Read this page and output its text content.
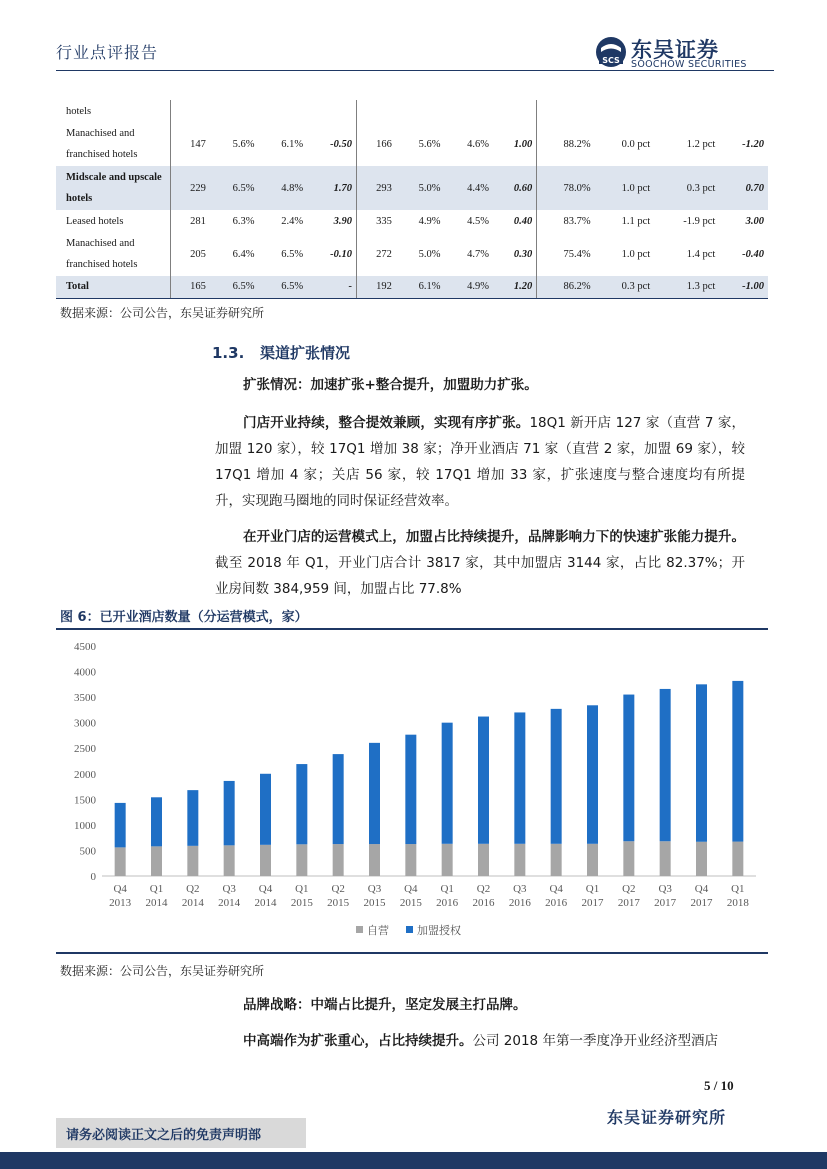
行业点评报告	SCS 东吴证券
SOOCHOW SECURITIES
hotels												
Manachised and franchised hotels	147	5.6%	6.1%	-0.50	166	5.6%	4.6%	1.00	88.2%	0.0 pct	1.2 pct	-1.20
Midscale and upscale hotels	229	6.5%	4.8%	1.70	293	5.0%	4.4%	0.60	78.0%	1.0 pct	0.3 pct	0.70
Leased hotels	281	6.3%	2.4%	3.90	335	4.9%	4.5%	0.40	83.7%	1.1 pct	-1.9 pct	3.00
Manachised and franchised hotels	205	6.4%	6.5%	-0.10	272	5.0%	4.7%	0.30	75.4%	1.0 pct	1.4 pct	-0.40
Total	165	6.5%	6.5%	-	192	6.1%	4.9%	1.20	86.2%	0.3 pct	1.3 pct	-1.00
数据来源：公司公告，东吴证券研究所
1.3. 渠道扩张情况
扩张情况：加速扩张+整合提升，加盟助力扩张。
门店开业持续，整合提效兼顾，实现有序扩张。18Q1 新开店 127 家（直营 7 家，加盟 120 家），较 17Q1 增加 38 家；净开业酒店 71 家（直营 2 家，加盟 69 家），较 17Q1 增加 4 家；关店 56 家，较 17Q1 增加 33 家，扩张速度与整合速度均有所提升，实现跑马圈地的同时保证经营效率。
在开业门店的运营模式上，加盟占比持续提升，品牌影响力下的快速扩张能力提升。截至 2018 年 Q1，开业门店合计 3817 家，其中加盟店 3144 家，占比 82.37%；开业房间数 384,959 间，加盟占比 77.8%
图 6：已开业酒店数量（分运营模式，家）
0
500
1000
1500
2000
2500
3000
3500
4000
4500
Q4
2013
Q1
2014
Q2
2014
Q3
2014
Q4
2014
Q1
2015
Q2
2015
Q3
2015
Q4
2015
Q1
2016
Q2
2016
Q3
2016
Q4
2016
Q1
2017
Q2
2017
Q3
2017
Q4
2017
Q1
2018
自营	加盟授权
数据来源：公司公告，东吴证券研究所
品牌战略：中端占比提升，坚定发展主打品牌。
中高端作为扩张重心，占比持续提升。公司 2018 年第一季度净开业经济型酒店
5 / 10
东吴证券研究所
请务必阅读正文之后的免责声明部
